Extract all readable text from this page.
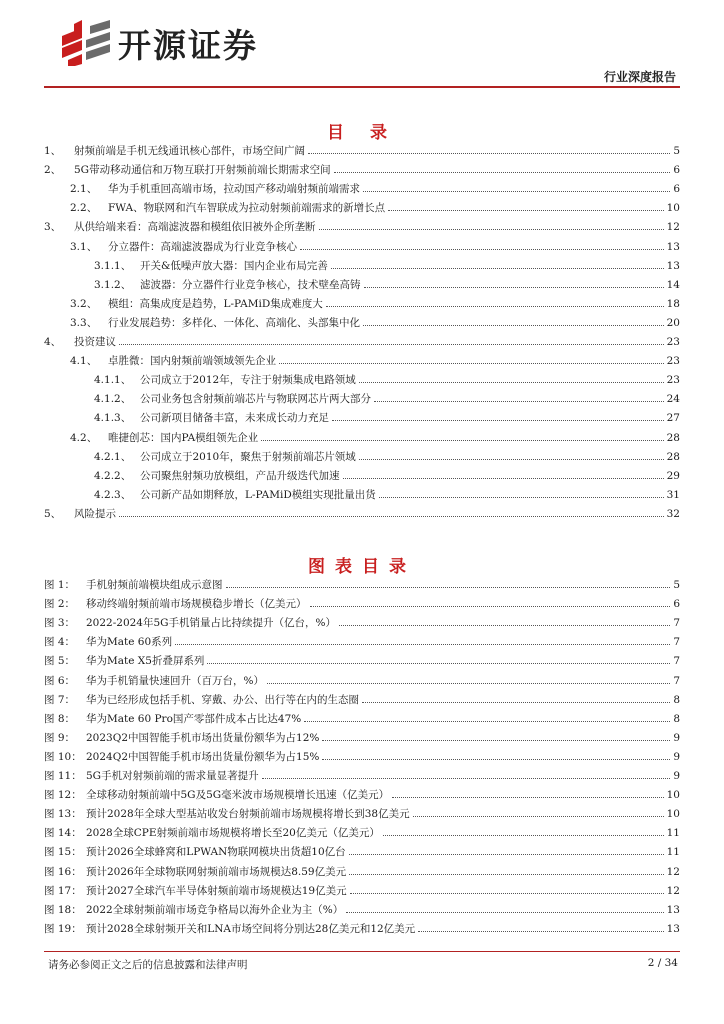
开源证券
行业深度报告
目 录
1、	射频前端是手机无线通讯核心部件，市场空间广阔	5
2、	5G带动移动通信和万物互联打开射频前端长期需求空间	6
2.1、	华为手机重回高端市场，拉动国产移动端射频前端需求	6
2.2、	FWA、物联网和汽车智联成为拉动射频前端需求的新增长点	10
3、	从供给端来看：高端滤波器和模组依旧被外企所垄断	12
3.1、	分立器件：高端滤波器成为行业竞争核心	13
3.1.1、 开关&低噪声放大器：国内企业布局完善	13
3.1.2、 滤波器：分立器件行业竞争核心，技术壁垒高铸	14
3.2、	模组：高集成度是趋势，L-PAMiD集成难度大	18
3.3、	行业发展趋势：多样化、一体化、高端化、头部集中化	20
4、	投资建议	23
4.1、	卓胜微：国内射频前端领域领先企业	23
4.1.1、 公司成立于2012年，专注于射频集成电路领域	23
4.1.2、 公司业务包含射频前端芯片与物联网芯片两大部分	24
4.1.3、 公司新项目储备丰富，未来成长动力充足	27
4.2、	唯捷创芯：国内PA模组领先企业	28
4.2.1、 公司成立于2010年，聚焦于射频前端芯片领域	28
4.2.2、 公司聚焦射频功放模组，产品升级迭代加速	29
4.2.3、 公司新产品如期释放，L-PAMiD模组实现批量出货	31
5、	风险提示	32
图表目录
图 1：	手机射频前端模块组成示意图	5
图 2：	移动终端射频前端市场规模稳步增长（亿美元）	6
图 3：	2022-2024年5G手机销量占比持续提升（亿台，%）	7
图 4：	华为Mate 60系列	7
图 5：	华为Mate X5折叠屏系列	7
图 6：	华为手机销量快速回升（百万台，%）	7
图 7：	华为已经形成包括手机、穿戴、办公、出行等在内的生态圈	8
图 8：	华为Mate 60 Pro国产零部件成本占比达47%	8
图 9：	2023Q2中国智能手机市场出货量份额华为占12%	9
图 10： 2024Q2中国智能手机市场出货量份额华为占15%	9
图 11： 5G手机对射频前端的需求量显著提升	9
图 12： 全球移动射频前端中5G及5G毫米波市场规模增长迅速（亿美元）	10
图 13： 预计2028年全球大型基站收发台射频前端市场规模将增长到38亿美元	10
图 14： 2028全球CPE射频前端市场规模将增长至20亿美元（亿美元）	11
图 15： 预计2026全球蜂窝和LPWAN物联网模块出货超10亿台	11
图 16： 预计2026年全球物联网射频前端市场规模达8.59亿美元	12
图 17： 预计2027全球汽车半导体射频前端市场规模达19亿美元	12
图 18： 2022全球射频前端市场竞争格局以海外企业为主（%）	13
图 19： 预计2028全球射频开关和LNA市场空间将分别达28亿美元和12亿美元	13
请务必参阅正文之后的信息披露和法律声明	2 / 34
